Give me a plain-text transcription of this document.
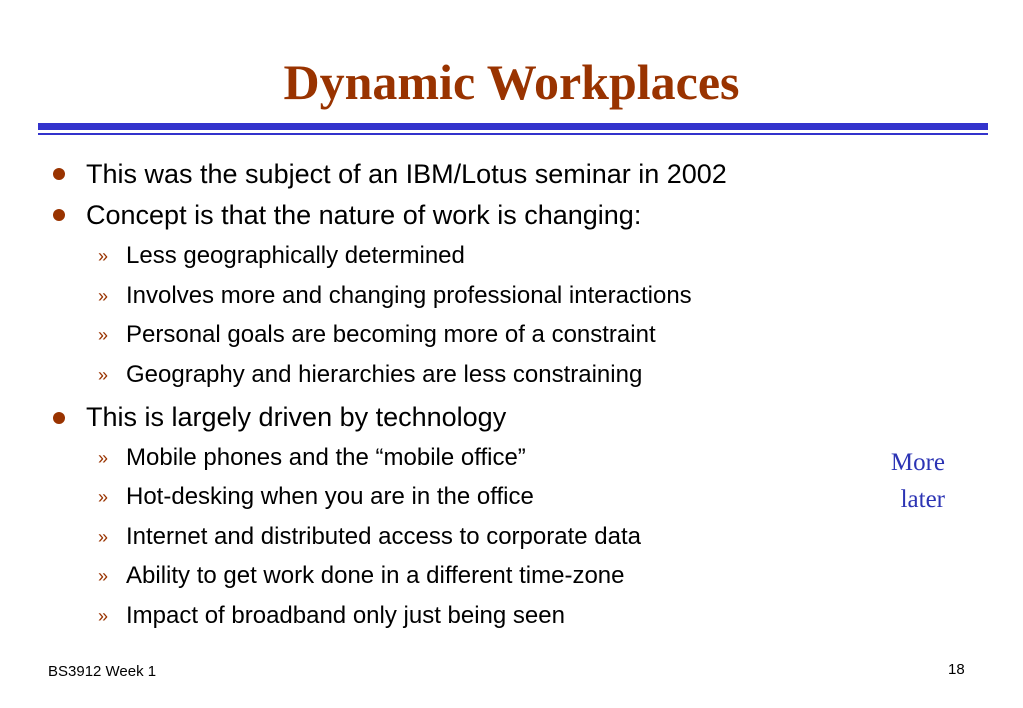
Dynamic Workplaces
This was the subject of an IBM/Lotus seminar in 2002
Concept is that the nature of work is changing:
» Less geographically determined
» Involves more and changing professional interactions
» Personal goals are becoming more of a constraint
» Geography and hierarchies are less constraining
This is largely driven by technology
» Mobile phones and the “mobile office”
» Hot-desking when you are in the office
» Internet and distributed access to corporate data
» Ability to get work done in a different time-zone
» Impact of broadband only just being seen
More
later
BS3912 Week 1	18
